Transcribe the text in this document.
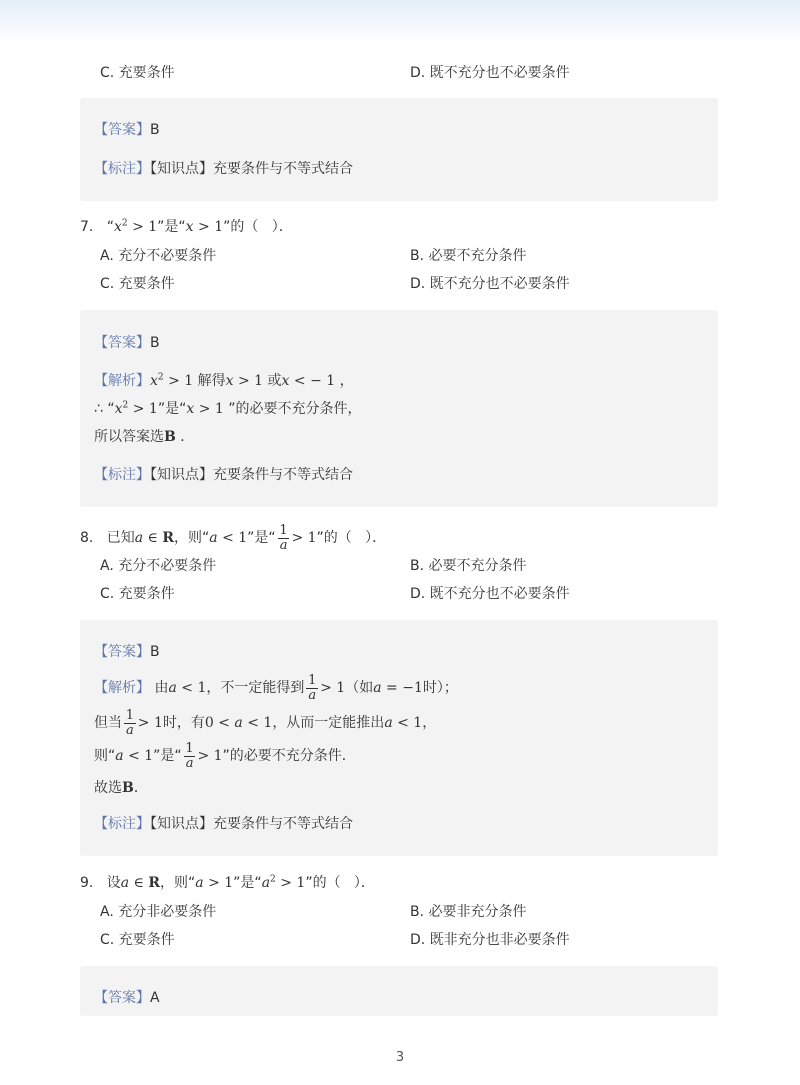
C. 充要条件	D. 既不充分也不必要条件
【答案】B
【标注】【知识点】充要条件与不等式结合
7.   “$x^2 > 1$”是“x > 1”的（   ）．
A. 充分不必要条件	B. 必要不充分条件
C. 充要条件	D. 既不充分也不必要条件
【答案】B
【解析】$x^2 > 1$ 解得x > 1 或x < − 1 ，
∴ “$x^2 > 1$”是“x > 1 ”的必要不充分条件，
所以答案选B ．
【标注】【知识点】充要条件与不等式结合
8.   已知a ∈ R，则“a < 1”是“ $\frac{1}{a} > 1$”的（   ）．
A. 充分不必要条件	B. 必要不充分条件
C. 充要条件	D. 既不充分也不必要条件
【答案】B
【解析】 由a < 1，不一定能得到 $\frac{1}{a} > 1$（如a = −1时）；
但当 $\frac{1}{a} > 1$时，有0 < a < 1，从而一定能推出a < 1，
则“a < 1”是“ $\frac{1}{a} > 1$”的必要不充分条件．
故选B．
【标注】【知识点】充要条件与不等式结合
9.   设a ∈ R，则“a > 1”是“$a^2 > 1$”的（   ）．
A. 充分非必要条件	B. 必要非充分条件
C. 充要条件	D. 既非充分也非必要条件
【答案】A
3
